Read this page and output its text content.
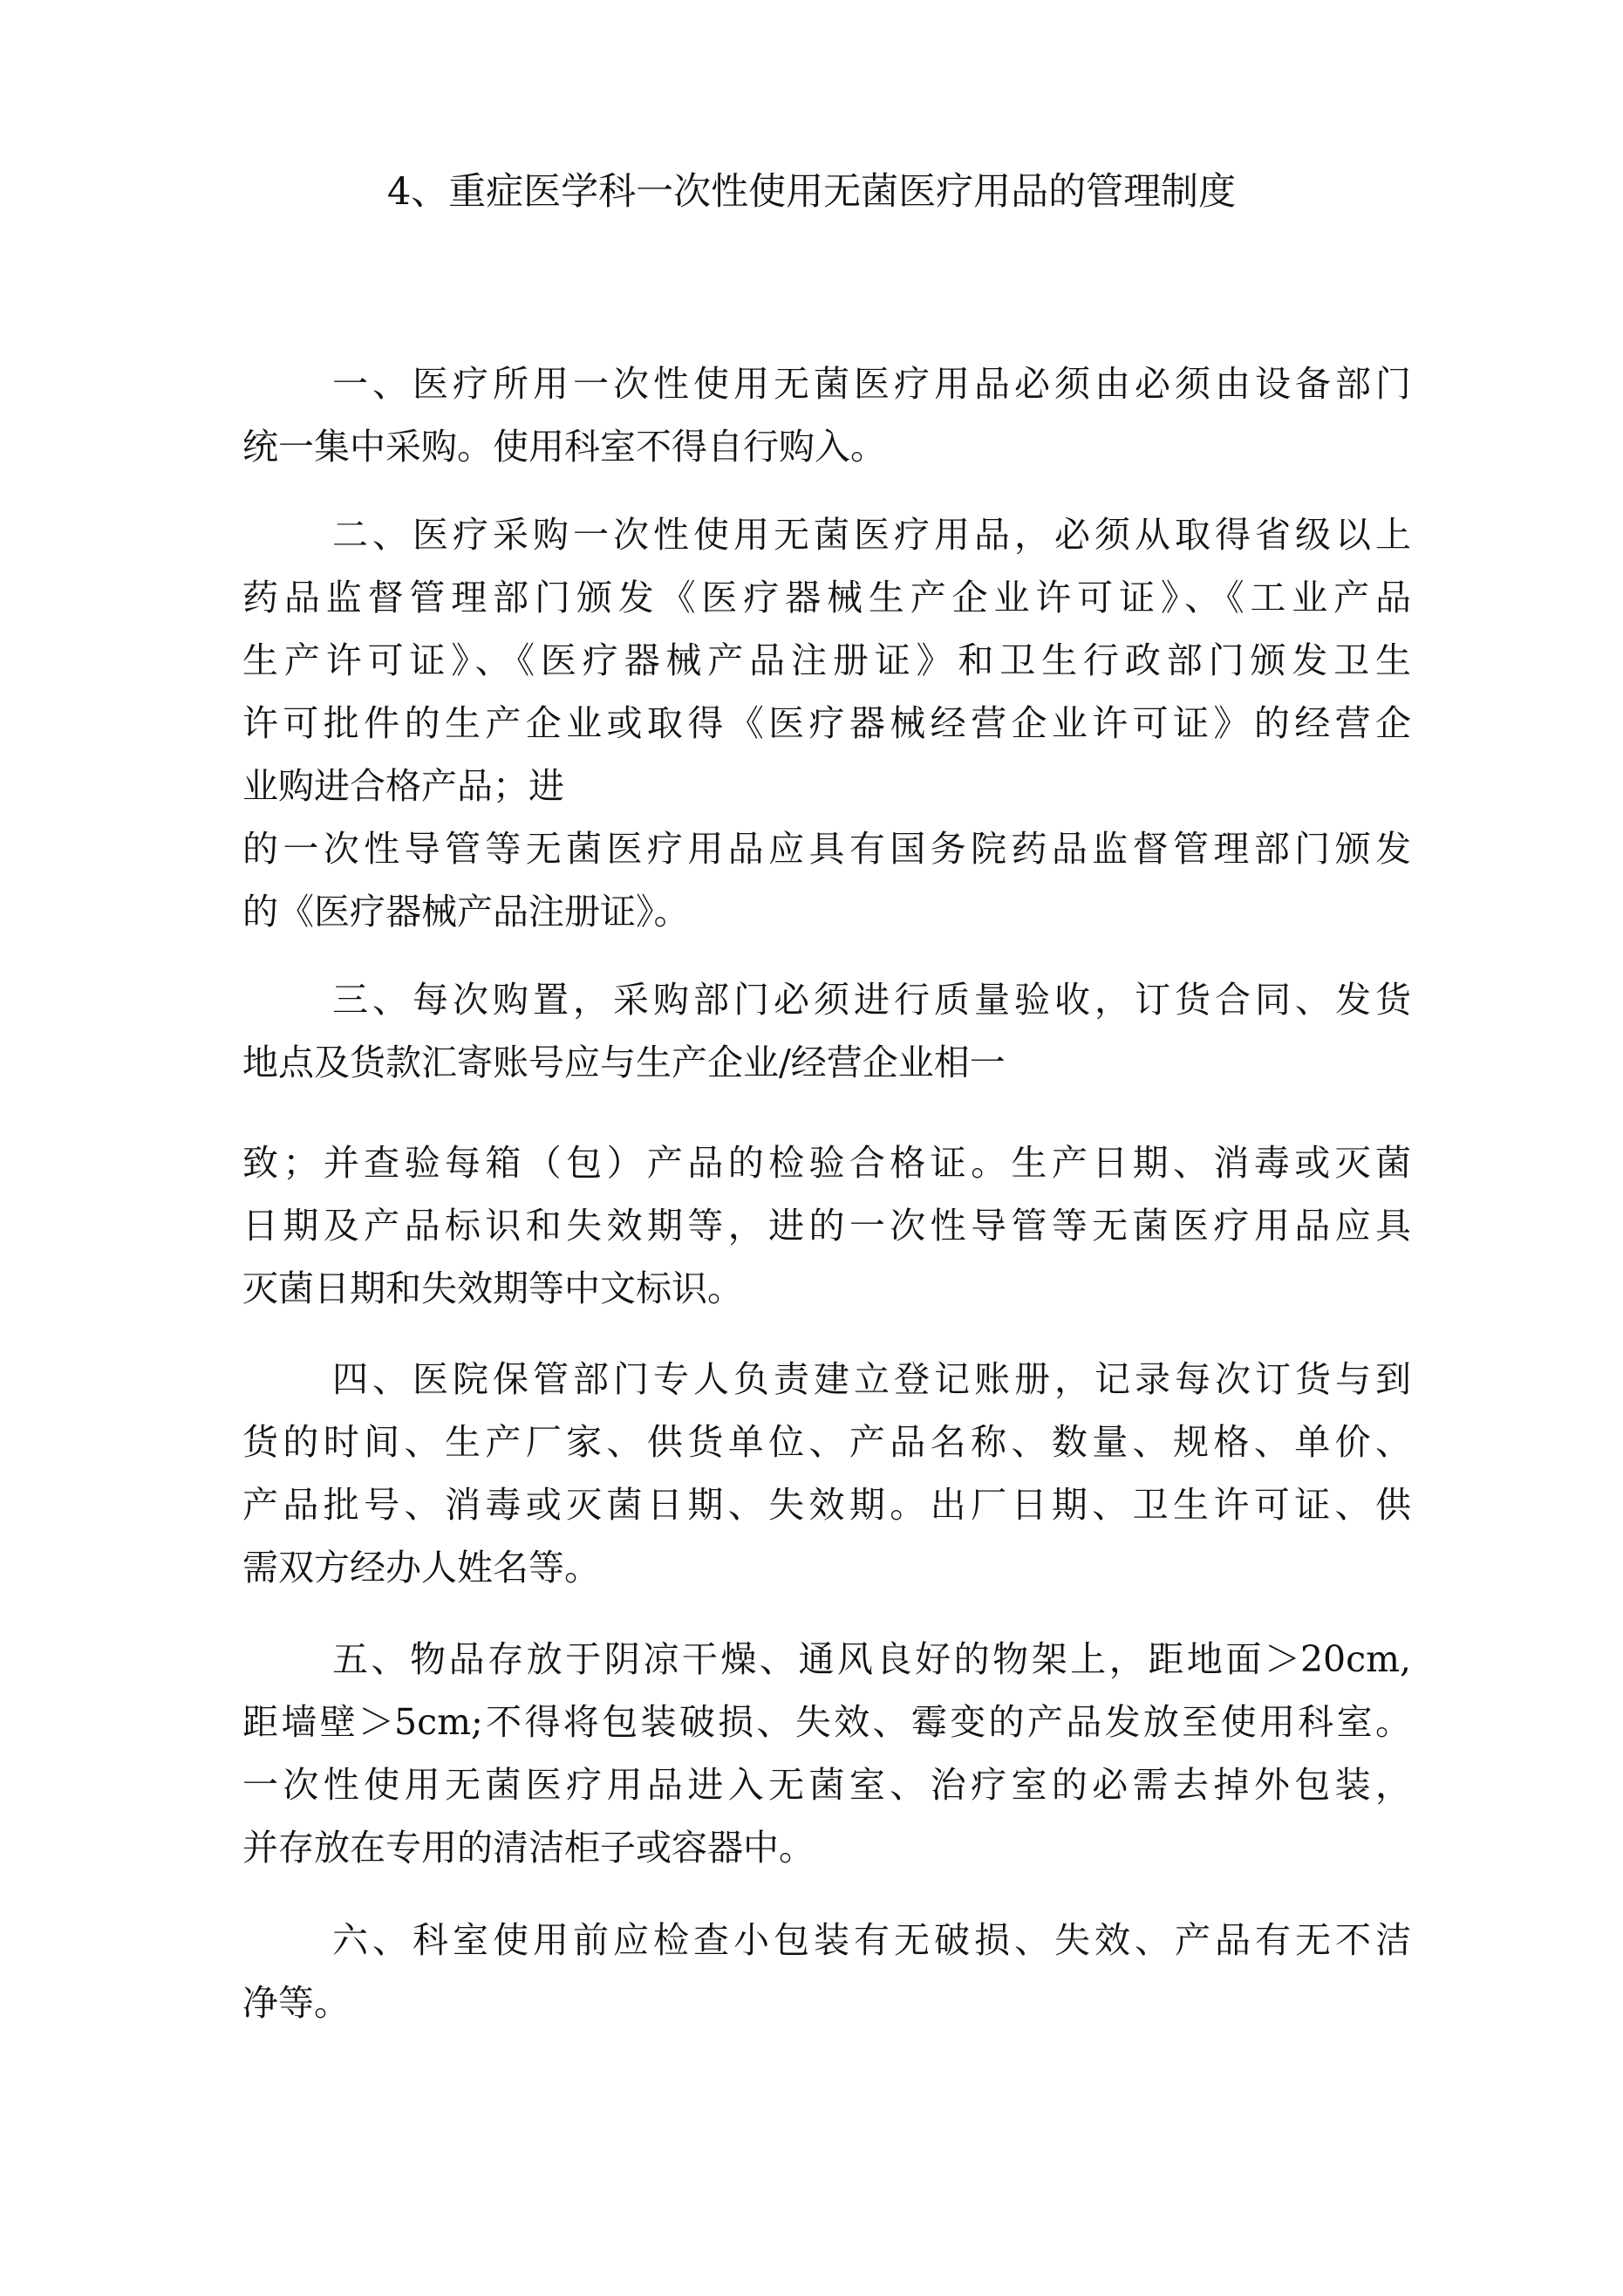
4、重症医学科一次性使用无菌医疗用品的管理制度
一、医疗所用一次性使用无菌医疗用品必须由必须由设备部门
统一集中采购。使用科室不得自行购入。
二、医疗采购一次性使用无菌医疗用品，必须从取得省级以上
药品监督管理部门颁发《医疗器械生产企业许可证》、《工业产品
生产许可证》、《医疗器械产品注册证》和卫生行政部门颁发卫生
许可批件的生产企业或取得《医疗器械经营企业许可证》的经营企
业购进合格产品；进
的一次性导管等无菌医疗用品应具有国务院药品监督管理部门颁发
的《医疗器械产品注册证》。
三、每次购置，采购部门必须进行质量验收，订货合同、发货
地点及货款汇寄账号应与生产企业/经营企业相一
致；并查验每箱（包）产品的检验合格证。生产日期、消毒或灭菌
日期及产品标识和失效期等，进的一次性导管等无菌医疗用品应具
灭菌日期和失效期等中文标识。
四、医院保管部门专人负责建立登记账册，记录每次订货与到
货的时间、生产厂家、供货单位、产品名称、数量、规格、单价、
产品批号、消毒或灭菌日期、失效期。出厂日期、卫生许可证、供
需双方经办人姓名等。
五、物品存放于阴凉干燥、通风良好的物架上，距地面＞20cm,
距墙壁＞5cm;不得将包装破损、失效、霉变的产品发放至使用科室。
一次性使用无菌医疗用品进入无菌室、治疗室的必需去掉外包装，
并存放在专用的清洁柜子或容器中。
六、科室使用前应检查小包装有无破损、失效、产品有无不洁
净等。
